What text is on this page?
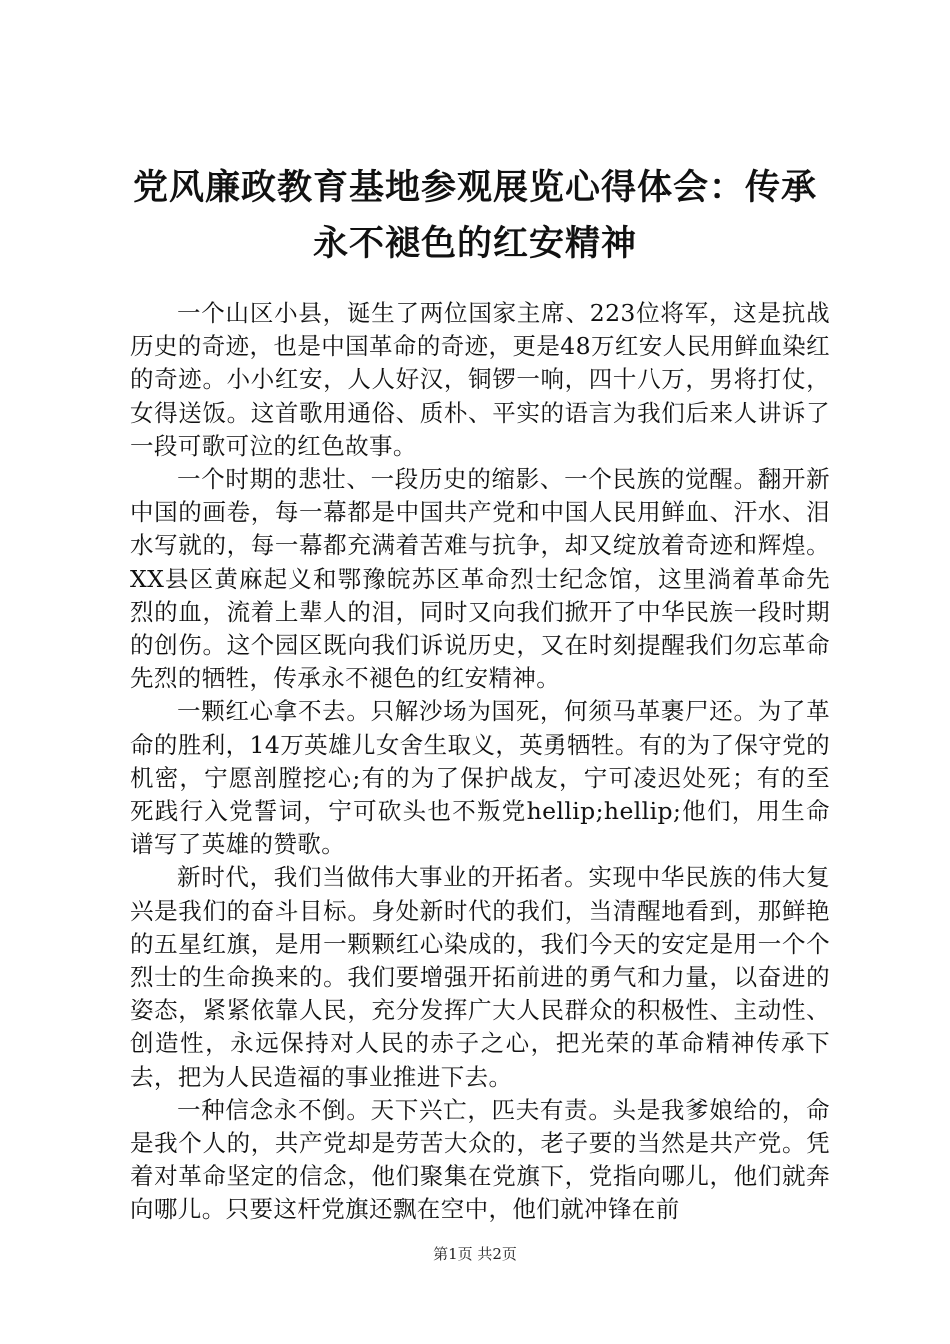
党风廉政教育基地参观展览心得体会：传承永不褪色的红安精神

一个山区小县，诞生了两位国家主席、223位将军，这是抗战历史的奇迹，也是中国革命的奇迹，更是48万红安人民用鲜血染红的奇迹。小小红安，人人好汉，铜锣一响，四十八万，男将打仗，女得送饭。这首歌用通俗、质朴、平实的语言为我们后来人讲诉了一段可歌可泣的红色故事。

一个时期的悲壮、一段历史的缩影、一个民族的觉醒。翻开新中国的画卷，每一幕都是中国共产党和中国人民用鲜血、汗水、泪水写就的，每一幕都充满着苦难与抗争，却又绽放着奇迹和辉煌。XX县区黄麻起义和鄂豫皖苏区革命烈士纪念馆，这里淌着革命先烈的血，流着上辈人的泪，同时又向我们掀开了中华民族一段时期的创伤。这个园区既向我们诉说历史，又在时刻提醒我们勿忘革命先烈的牺牲，传承永不褪色的红安精神。

一颗红心拿不去。只解沙场为国死，何须马革裹尸还。为了革命的胜利，14万英雄儿女舍生取义，英勇牺牲。有的为了保守党的机密，宁愿剖膛挖心;有的为了保护战友，宁可凌迟处死；有的至死践行入党誓词，宁可砍头也不叛党hellip;hellip;他们，用生命谱写了英雄的赞歌。

新时代，我们当做伟大事业的开拓者。实现中华民族的伟大复兴是我们的奋斗目标。身处新时代的我们，当清醒地看到，那鲜艳的五星红旗，是用一颗颗红心染成的，我们今天的安定是用一个个烈士的生命换来的。我们要增强开拓前进的勇气和力量，以奋进的姿态，紧紧依靠人民，充分发挥广大人民群众的积极性、主动性、创造性，永远保持对人民的赤子之心，把光荣的革命精神传承下去，把为人民造福的事业推进下去。

一种信念永不倒。天下兴亡，匹夫有责。头是我爹娘给的，命是我个人的，共产党却是劳苦大众的，老子要的当然是共产党。凭着对革命坚定的信念，他们聚集在党旗下，党指向哪儿，他们就奔向哪儿。只要这杆党旗还飘在空中，他们就冲锋在前

第1页 共2页
